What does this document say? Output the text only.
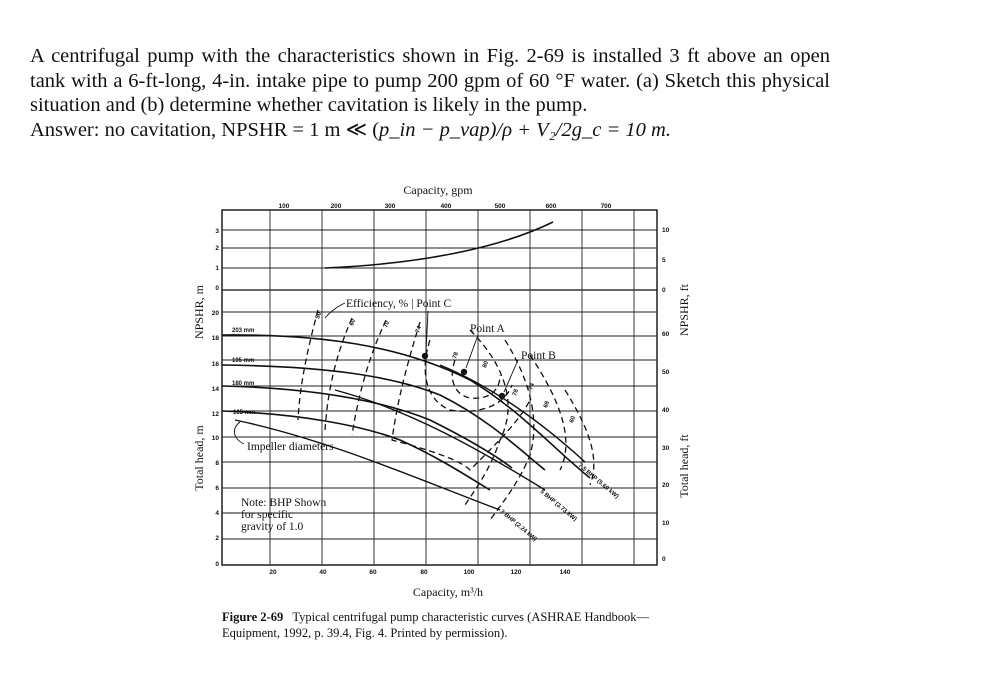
A centrifugal pump with the characteristics shown in Fig. 2-69 is installed 3 ft above an open tank with a 6-ft-long, 4-in. intake pipe to pump 200 gpm of 60 °F water. (a) Sketch this physical situation and (b) determine whether cavitation is likely in the pump.

Answer: no cavitation, NPSHR = 1 m ≪ (p_in − p_vap)/ρ + V₂/2g_c = 10 m.

Capacity, gpm
Capacity, m³/h
NPSHR, m
Total head, m
NPSHR, ft
Total head, ft
100	200	300	400	500	600	700
20	40	60	80	100	120	140
3
2
1
0
20
18
16
14
12
10
8
6
4
2
0
10
5
0
60
50
40
30
20
10
0
Efficiency, % | Point C
Point A
Point B
Impeller diameters
Note: BHP Shown
for specific
gravity of 1.0
203 mm
195 mm
180 mm
165 mm
50
60	70
74
78
80
78
74
68
60
3 BHP (2.24 kW)
5 BHP (3.73 kW)
7.5 BHP (5.60 kW)
Figure 2-69 Typical centrifugal pump characteristic curves (ASHRAE Handbook—Equipment, 1992, p. 39.4, Fig. 4. Printed by permission).
